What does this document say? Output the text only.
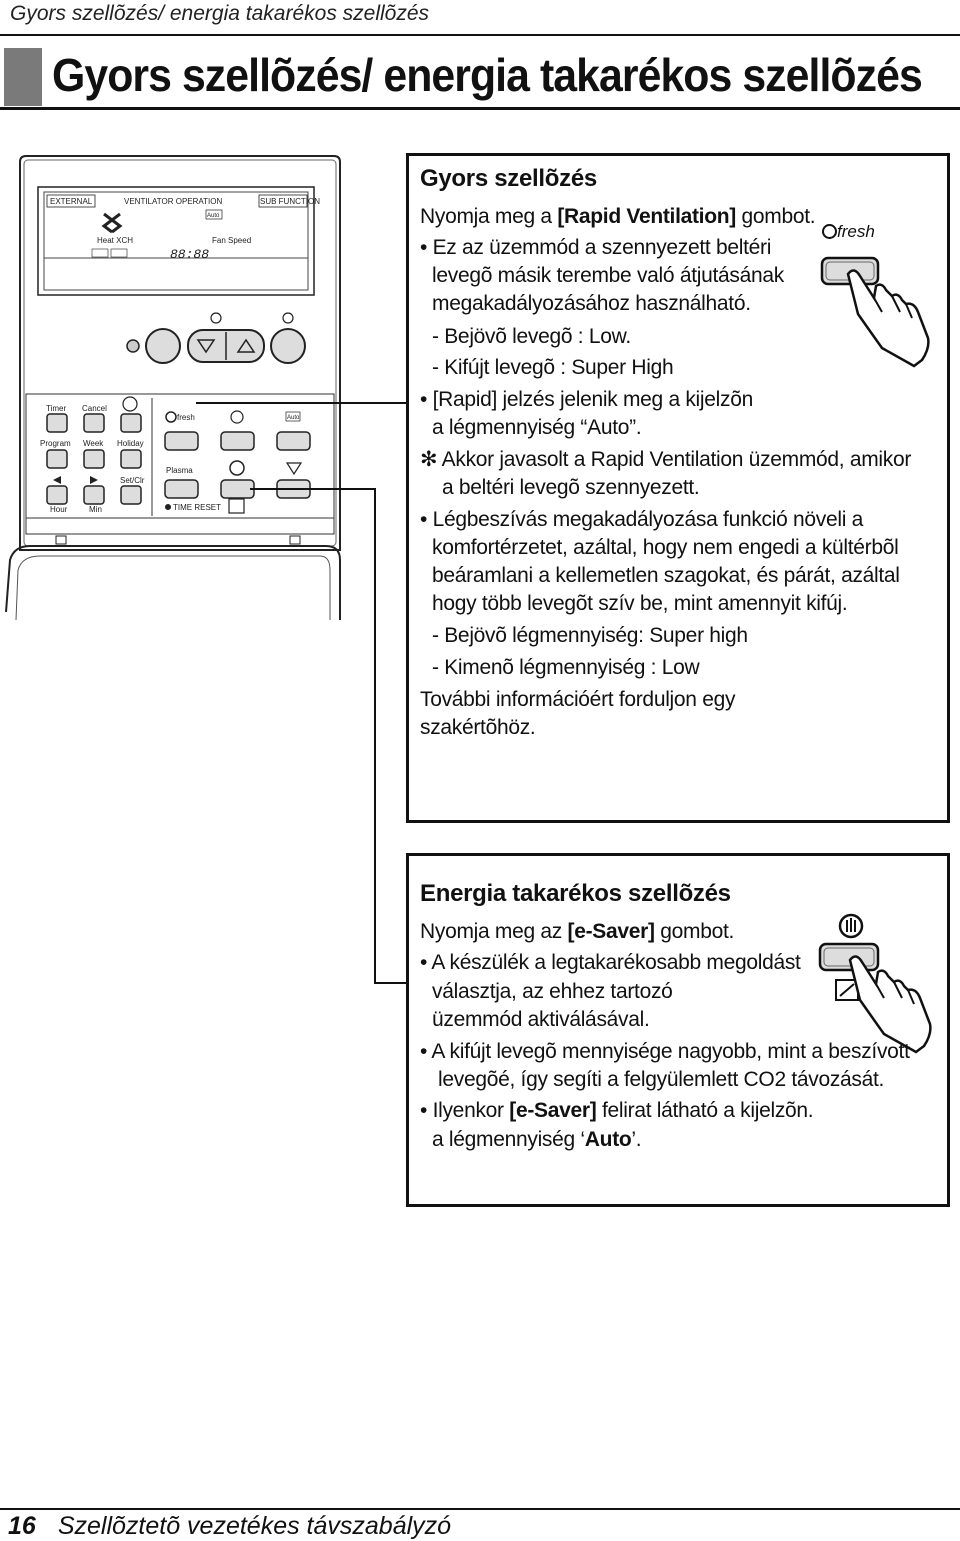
Gyors szellõzés/ energia takarékos szellõzés
Gyors szellõzés/ energia takarékos szellõzés
EXTERNAL	VENTILATOR OPERATION	SUB FUNCTION
Auto
Heat XCH	Fan Speed
88:88
Timer Cancel
Program Week Holiday
Set/Clr
Hour	Min
fresh	Auto
Plasma
TIME RESET
Gyors szellõzés
Nyomja meg a [Rapid Ventilation] gombot.
fresh
• Ez az üzemmód a szennyezett beltéri
levegõ másik terembe való átjutásának
megakadályozásához használható.
- Bejövõ levegõ : Low.
- Kifújt levegõ : Super High
• [Rapid] jelzés jelenik meg a kijelzõn
a légmennyiség “Auto”.
✻ Akkor javasolt a Rapid Ventilation üzemmód, amikor
a beltéri levegõ szennyezett.
• Légbeszívás megakadályozása funkció növeli a
komfortérzetet, azáltal, hogy nem engedi a kültérbõl
beáramlani a kellemetlen szagokat, és párát, azáltal
hogy több levegõt szív be, mint amennyit kifúj.
- Bejövõ légmennyiség: Super high
- Kimenõ légmennyiség : Low
További információért forduljon egy
szakértõhöz.
Energia takarékos szellõzés
Nyomja meg az [e-Saver] gombot.
• A készülék a legtakarékosabb megoldást
választja, az ehhez tartozó
üzemmód aktiválásával.
• A kifújt levegõ mennyisége nagyobb, mint a beszívott
levegõé, így segíti a felgyülemlett CO2 távozását.
• Ilyenkor [e-Saver] felirat látható a kijelzõn.
a légmennyiség ‘Auto’.
16 Szellõztetõ vezetékes távszabályzó
